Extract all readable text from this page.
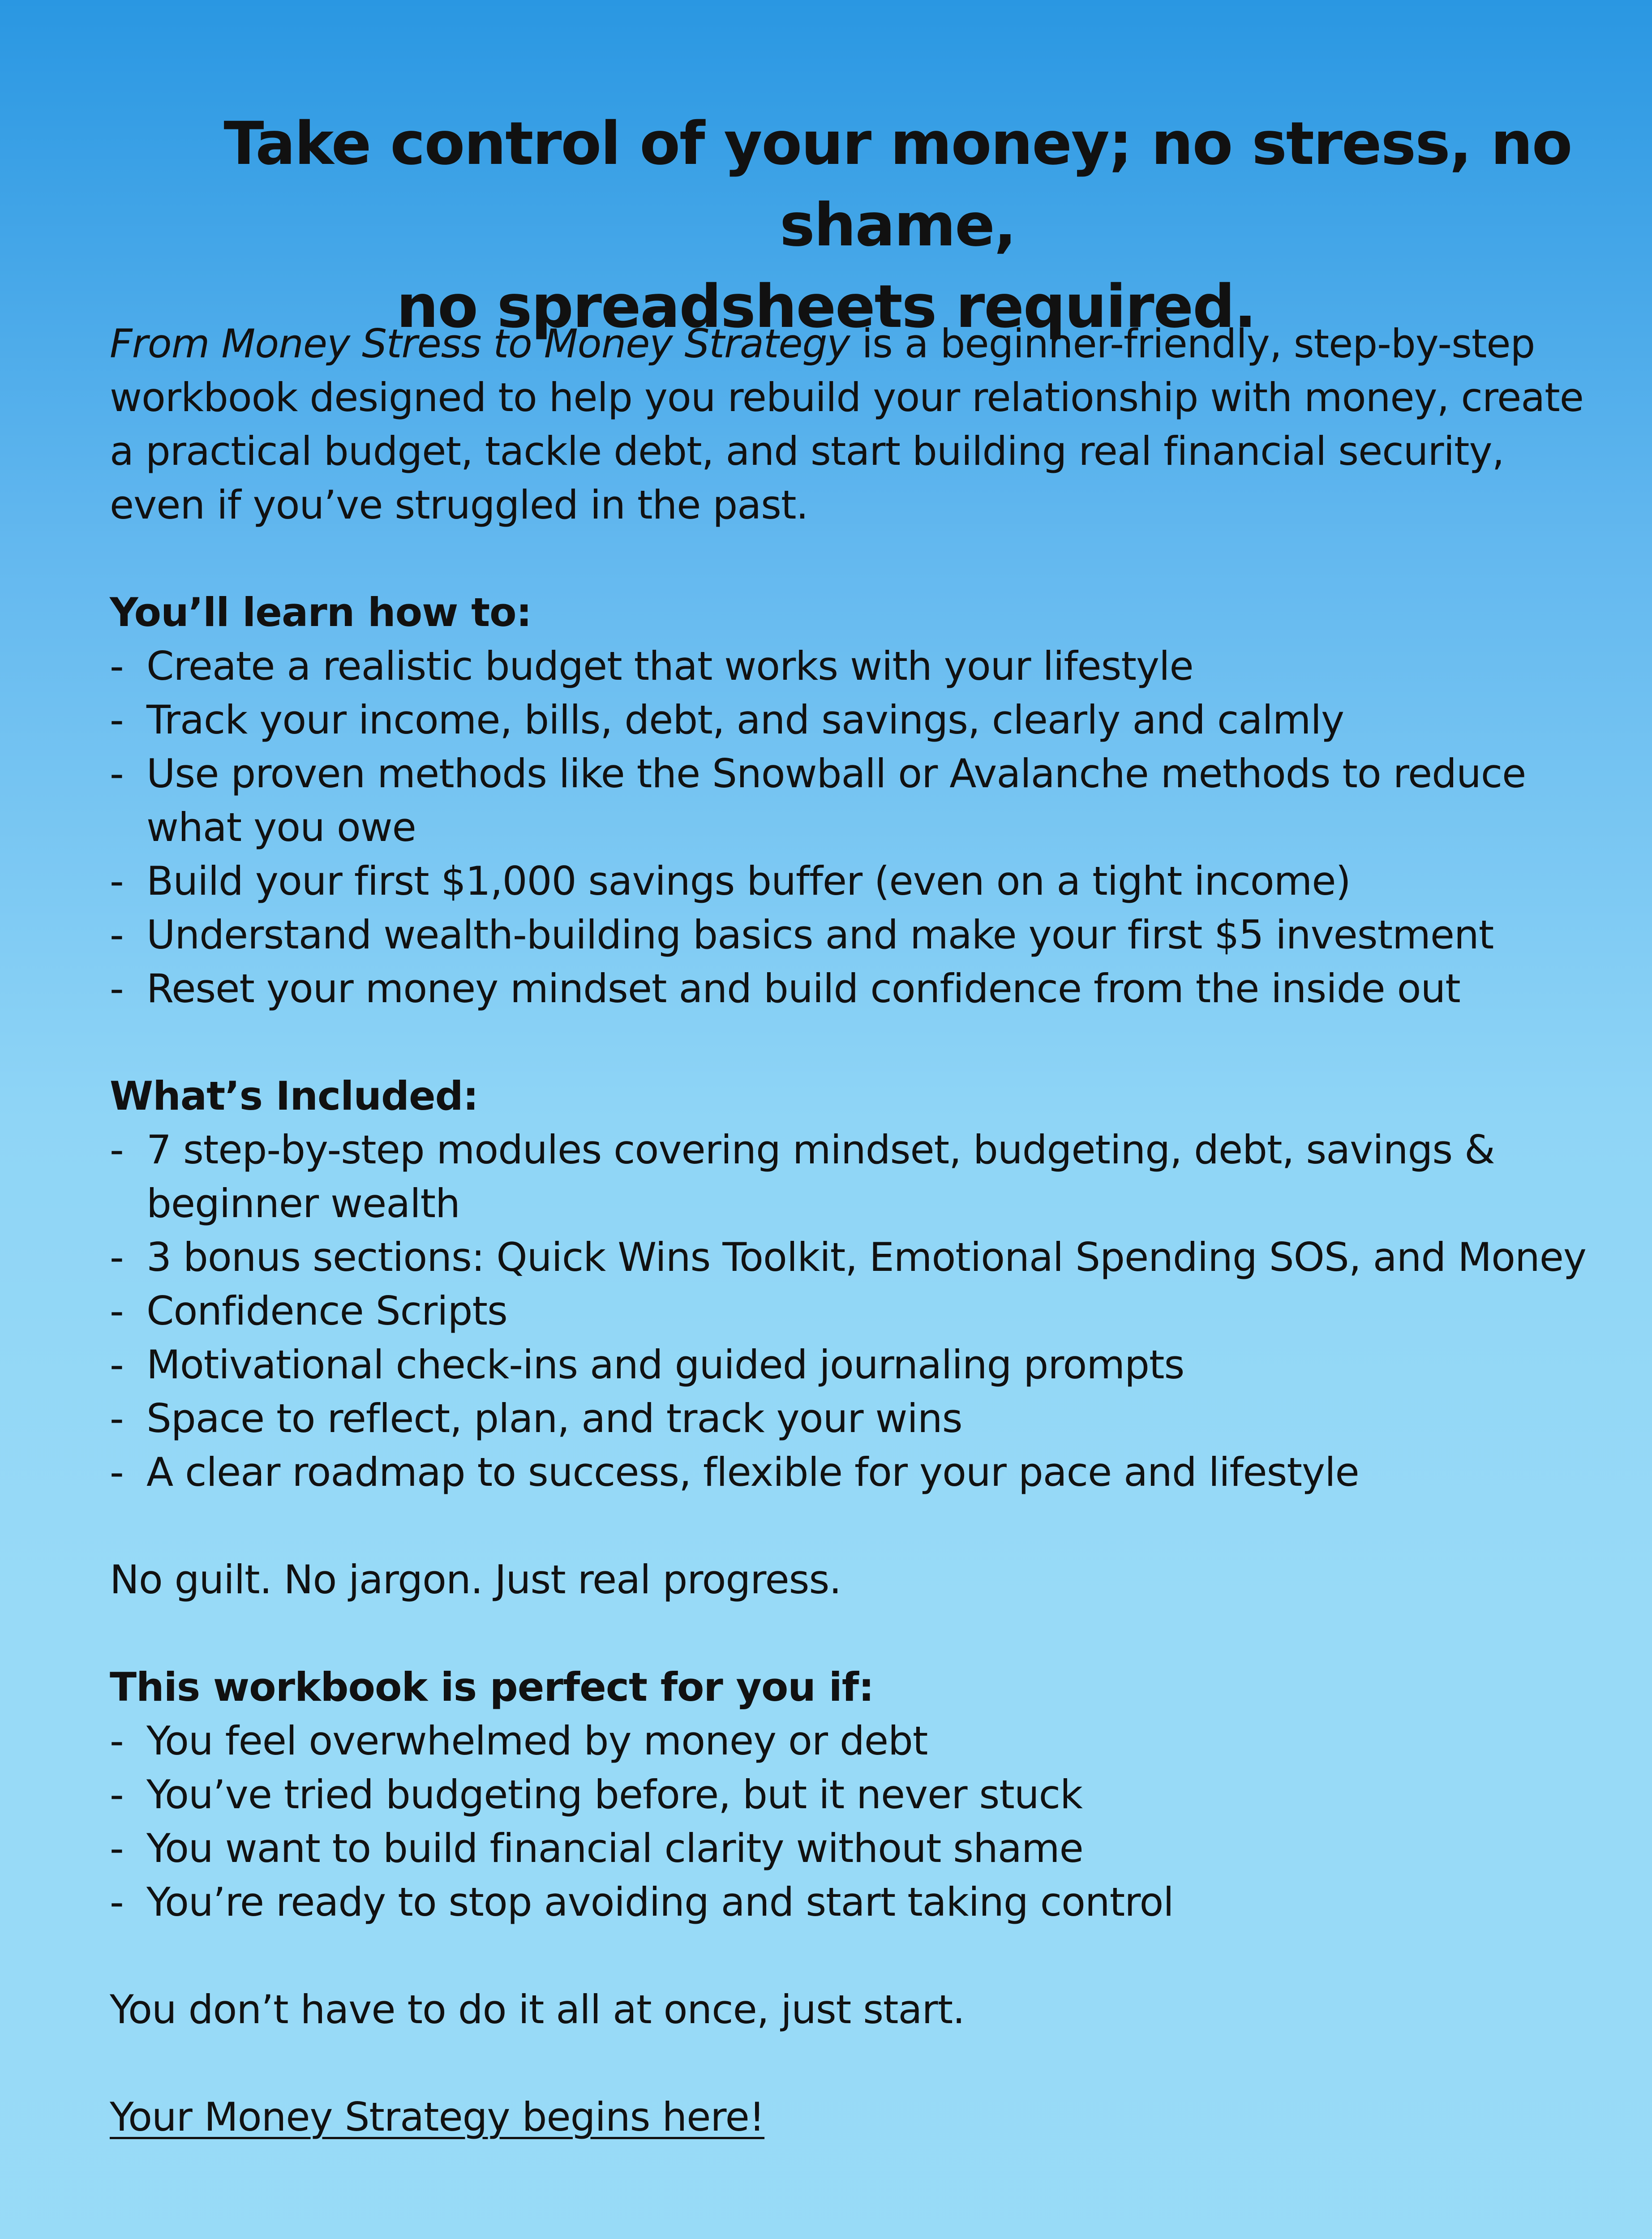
Take control of your money; no stress, no shame,
no spreadsheets required.

From Money Stress to Money Strategy is a beginner-friendly, step-by-step workbook designed to help you rebuild your relationship with money, create a practical budget, tackle debt, and start building real financial security, even if you’ve struggled in the past.

You’ll learn how to:

- Create a realistic budget that works with your lifestyle
- Track your income, bills, debt, and savings, clearly and calmly
- Use proven methods like the Snowball or Avalanche methods to reduce what you owe
- Build your first $1,000 savings buffer (even on a tight income)
- Understand wealth-building basics and make your first $5 investment
- Reset your money mindset and build confidence from the inside out

What’s Included:

- 7 step-by-step modules covering mindset, budgeting, debt, savings & beginner wealth
- 3 bonus sections: Quick Wins Toolkit, Emotional Spending SOS, and Money
- Confidence Scripts
- Motivational check-ins and guided journaling prompts
- Space to reflect, plan, and track your wins
- A clear roadmap to success, flexible for your pace and lifestyle

No guilt. No jargon. Just real progress.

This workbook is perfect for you if:

- You feel overwhelmed by money or debt
- You’ve tried budgeting before, but it never stuck
- You want to build financial clarity without shame
- You’re ready to stop avoiding and start taking control

You don’t have to do it all at once, just start.

Your Money Strategy begins here!
